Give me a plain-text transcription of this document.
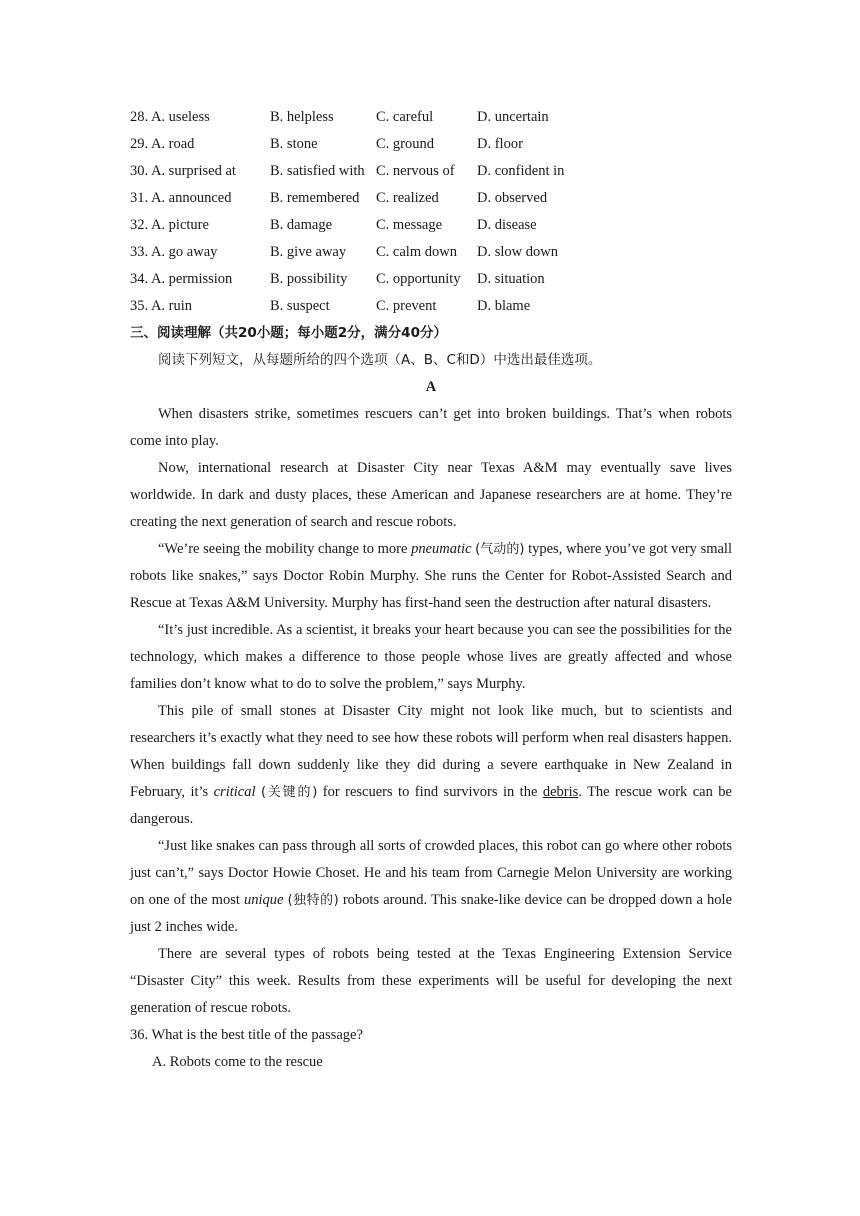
28. A. useless	B. helpless	C. careful	D. uncertain
29. A. road	B. stone	C. ground	D. floor
30. A. surprised at B. satisfied with C. nervous of D. confident in
31. A. announced	B. remembered C. realized	D. observed
32. A. picture	B. damage	C. message D. disease
33. A. go away	B. give away C. calm down D. slow down
34. A. permission	B. possibility C. opportunity D. situation
35. A. ruin	B. suspect	C. prevent	D. blame
三、阅读理解（共20小题；每小题2分，满分40分）
阅读下列短文，从每题所给的四个选项（A、B、C和D）中选出最佳选项。
A

When disasters strike, sometimes rescuers can’t get into broken buildings. That’s when robots come into play.

Now, international research at Disaster City near Texas A&M may eventually save lives worldwide. In dark and dusty places, these American and Japanese researchers are at home. They’re creating the next generation of search and rescue robots.

“We’re seeing the mobility change to more pneumatic (气动的) types, where you’ve got very small robots like snakes,” says Doctor Robin Murphy. She runs the Center for Robot-Assisted Search and Rescue at Texas A&M University. Murphy has first-hand seen the destruction after natural disasters.

“It’s just incredible. As a scientist, it breaks your heart because you can see the possibilities for the technology, which makes a difference to those people whose lives are greatly affected and whose families don’t know what to do to solve the problem,” says Murphy.

This pile of small stones at Disaster City might not look like much, but to scientists and researchers it’s exactly what they need to see how these robots will perform when real disasters happen. When buildings fall down suddenly like they did during a severe earthquake in New Zealand in February, it’s critical (关键的) for rescuers to find survivors in the debris. The rescue work can be dangerous.

“Just like snakes can pass through all sorts of crowded places, this robot can go where other robots just can’t,” says Doctor Howie Choset. He and his team from Carnegie Melon University are working on one of the most unique (独特的) robots around. This snake-like device can be dropped down a hole just 2 inches wide.

There are several types of robots being tested at the Texas Engineering Extension Service “Disaster City” this week. Results from these experiments will be useful for developing the next generation of rescue robots.

36. What is the best title of the passage?

A. Robots come to the rescue
